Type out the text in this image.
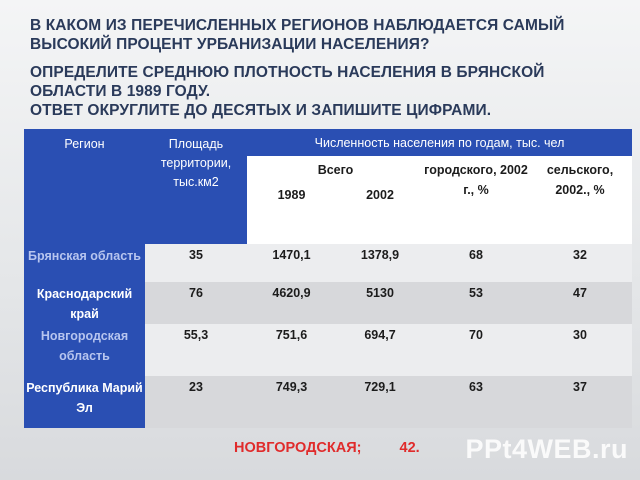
В КАКОМ ИЗ ПЕРЕЧИСЛЕННЫХ РЕГИОНОВ НАБЛЮДАЕТСЯ САМЫЙ ВЫСОКИЙ ПРОЦЕНТ УРБАНИЗАЦИИ НАСЕЛЕНИЯ?
ОПРЕДЕЛИТЕ СРЕДНЮЮ ПЛОТНОСТЬ НАСЕЛЕНИЯ В БРЯНСКОЙ ОБЛАСТИ В 1989 ГОДУ.
ОТВЕТ ОКРУГЛИТЕ ДО ДЕСЯТЫХ И ЗАПИШИТЕ ЦИФРАМИ.
Регион	Площадь территории, тыс.км2	Численность населения по годам, тыс. чел			

		Всего		городского, 2002 г., %	сельского, 2002., %

		1989	2002		

Брянская область	35	1470,1	1378,9	68	32

Краснодарский край	76	4620,9	5130	53	47

Новгородская область	55,3	751,6	694,7	70	30

Республика Марий Эл	23	749,3	729,1	63	37
НОВГОРОДСКАЯ;	42. PPt4WEB.ru
